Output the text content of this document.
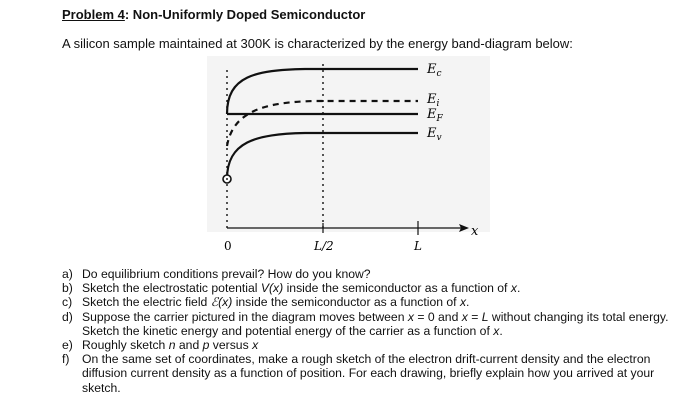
Problem 4: Non-Uniformly Doped Semiconductor
A silicon sample maintained at 300K is characterized by the energy band-diagram below:
$E_c$
$E_i$
$E_F$
$E_v$
x
0	L/2	L
a) Do equilibrium conditions prevail? How do you know?
b) Sketch the electrostatic potential V(x) inside the semiconductor as a function of x.
c) Sketch the electric field ℰ(x) inside the semiconductor as a function of x.
d) Suppose the carrier pictured in the diagram moves between x = 0 and x = L without changing its total energy. Sketch the kinetic energy and potential energy of the carrier as a function of x.
e) Roughly sketch n and p versus x
f)	On the same set of coordinates, make a rough sketch of the electron drift-current density and the electron diffusion current density as a function of position. For each drawing, briefly explain how you arrived at your sketch.
